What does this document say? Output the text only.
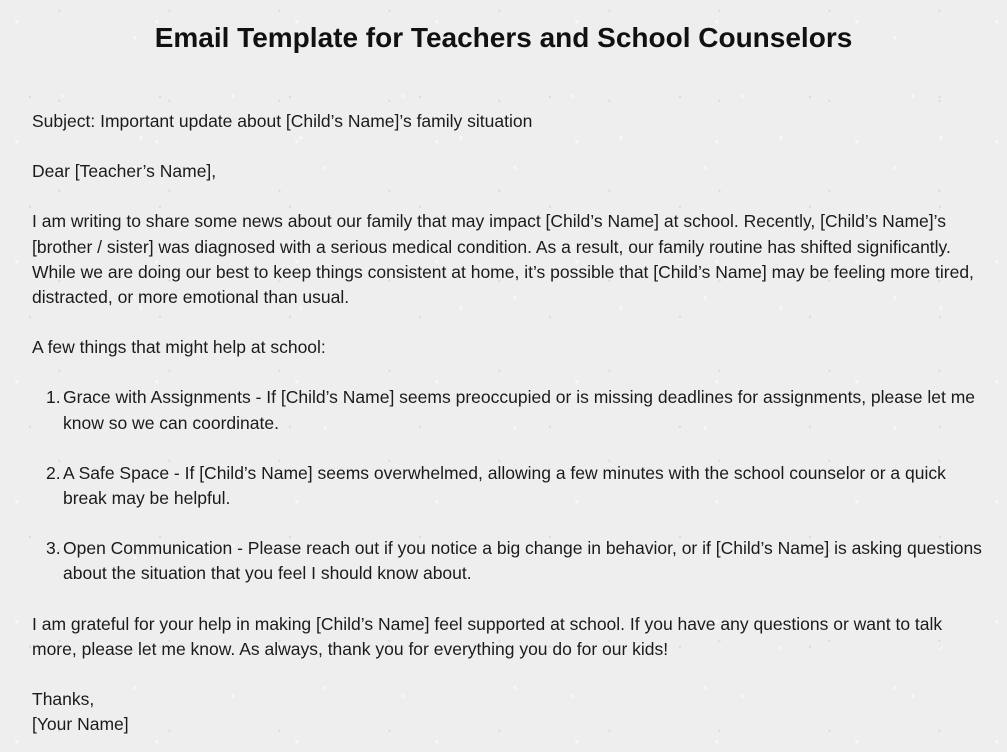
Email Template for Teachers and School Counselors

Subject: Important update about [Child’s Name]’s family situation

Dear [Teacher’s Name],

I am writing to share some news about our family that may impact [Child’s Name] at school. Recently, [Child’s Name]’s [brother / sister] was diagnosed with a serious medical condition. As a result, our family routine has shifted significantly. While we are doing our best to keep things consistent at home, it’s possible that [Child’s Name] may be feeling more tired, distracted, or more emotional than usual.

A few things that might help at school:

1. Grace with Assignments - If [Child’s Name] seems preoccupied or is missing deadlines for assignments, please let me know so we can coordinate.
2. A Safe Space - If [Child’s Name] seems overwhelmed, allowing a few minutes with the school counselor or a quick break may be helpful.
3. Open Communication - Please reach out if you notice a big change in behavior, or if [Child’s Name] is asking questions about the situation that you feel I should know about.

I am grateful for your help in making [Child’s Name] feel supported at school. If you have any questions or want to talk more, please let me know. As always, thank you for everything you do for our kids!

Thanks,

[Your Name]
